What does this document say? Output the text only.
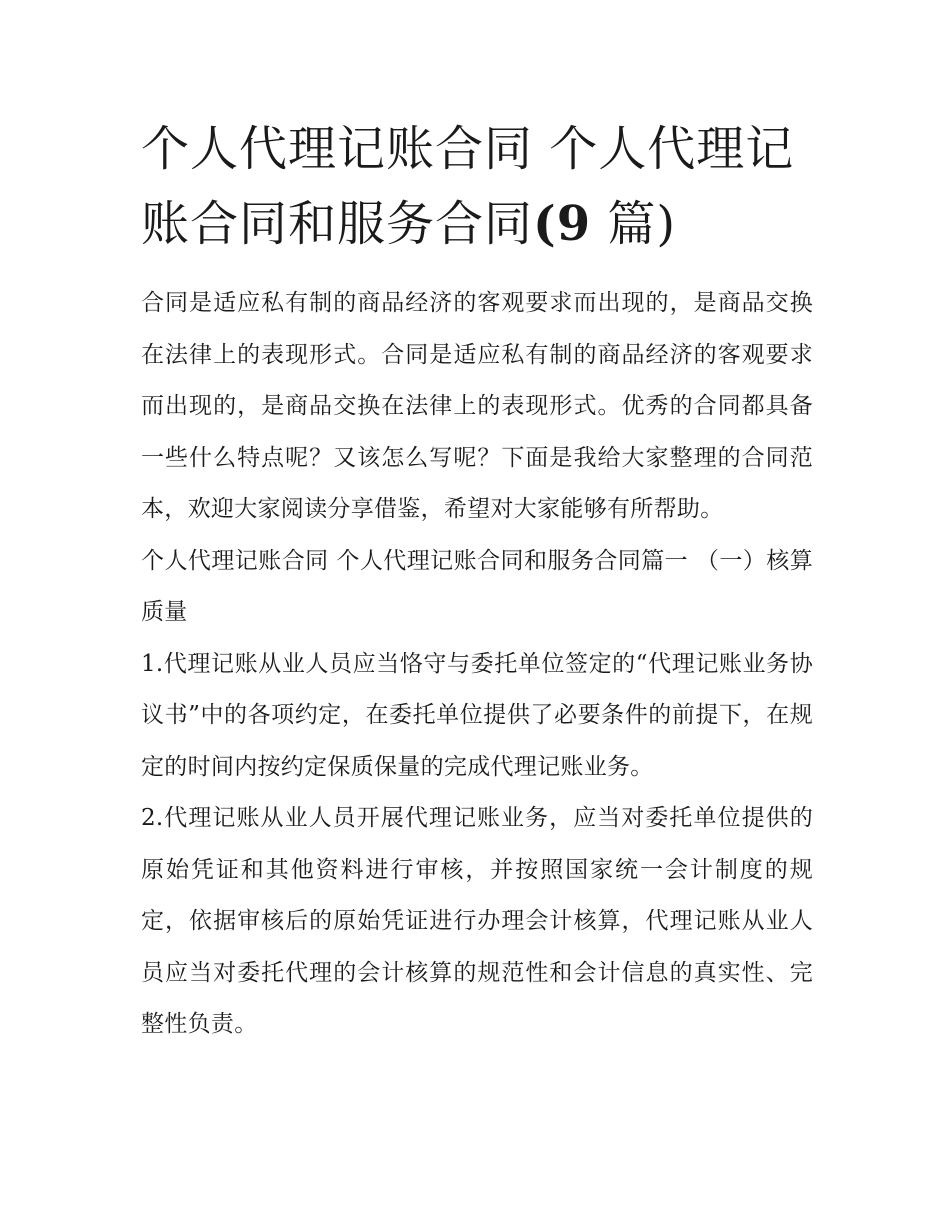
个人代理记账合同 个人代理记账合同和服务合同(9 篇)

合同是适应私有制的商品经济的客观要求而出现的，是商品交换在法律上的表现形式。合同是适应私有制的商品经济的客观要求而出现的，是商品交换在法律上的表现形式。优秀的合同都具备一些什么特点呢？又该怎么写呢？下面是我给大家整理的合同范本，欢迎大家阅读分享借鉴，希望对大家能够有所帮助。

个人代理记账合同 个人代理记账合同和服务合同篇一 （一）核算质量

1.代理记账从业人员应当恪守与委托单位签定的“代理记账业务协议书”中的各项约定，在委托单位提供了必要条件的前提下，在规定的时间内按约定保质保量的完成代理记账业务。

2.代理记账从业人员开展代理记账业务，应当对委托单位提供的原始凭证和其他资料进行审核，并按照国家统一会计制度的规定，依据审核后的原始凭证进行办理会计核算，代理记账从业人员应当对委托代理的会计核算的规范性和会计信息的真实性、完整性负责。
